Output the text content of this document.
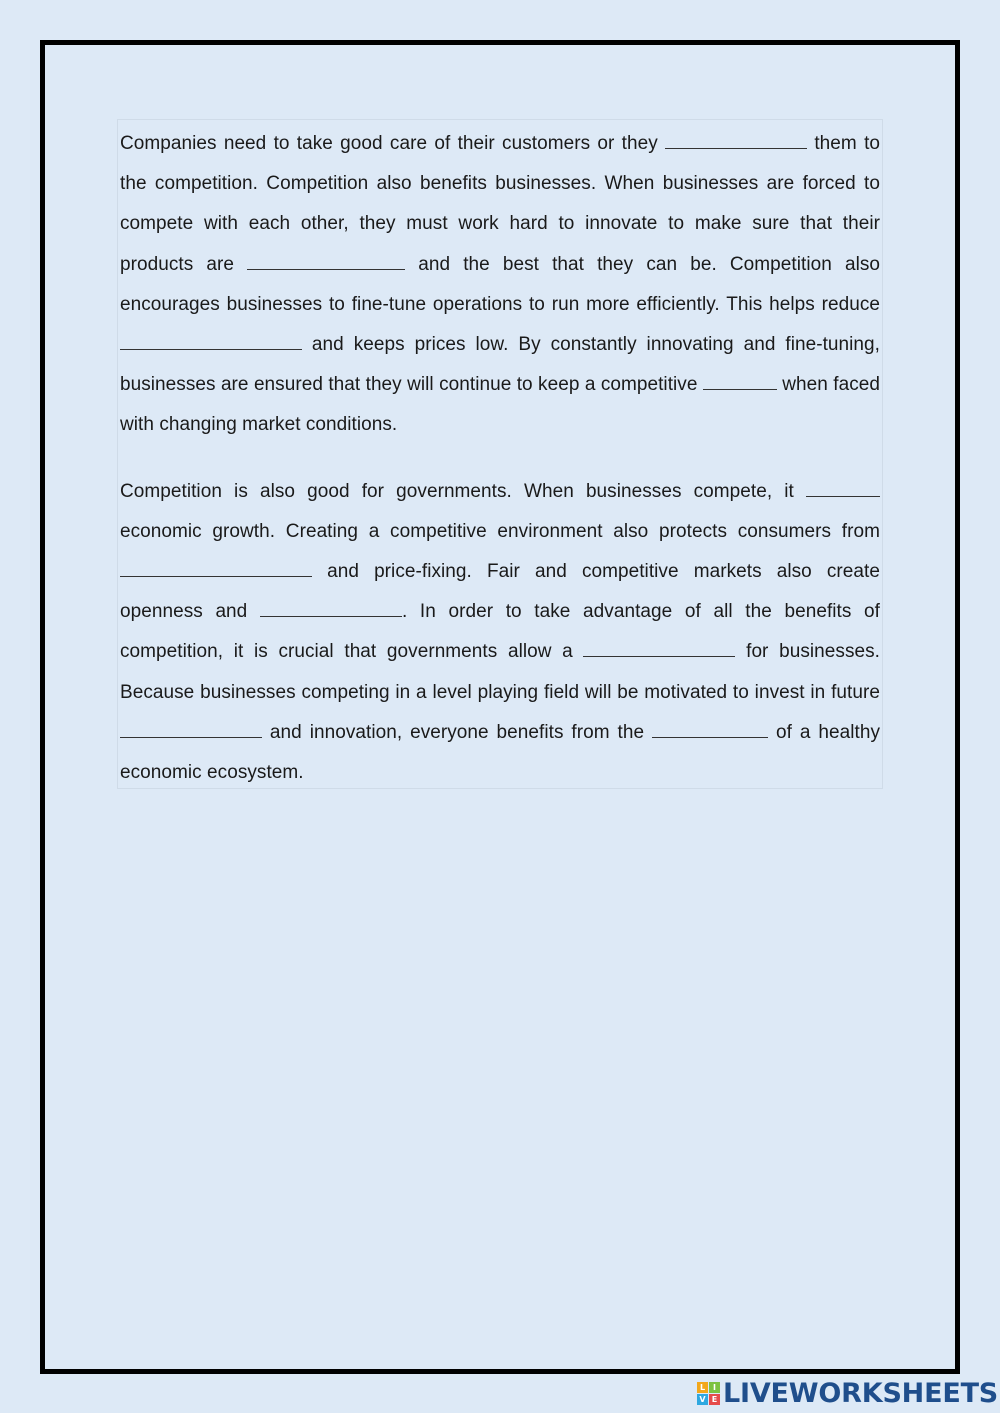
Companies need to take good care of their customers or they	them to the competition. Competition also benefits businesses. When businesses are forced to compete with each other, they must work hard to innovate to make sure that their products are	and the best that they can be. Competition also encourages businesses to fine-tune operations to run more efficiently. This helps reduce  and keeps prices low. By constantly innovating and fine-tuning, businesses are ensured that they will continue to keep a competitive	when faced with changing market conditions.

Competition is also good for governments. When businesses compete, it  economic growth. Creating a competitive environment also protects consumers from  and price-fixing. Fair and competitive markets also create openness and	. In order to take advantage of all the benefits of competition, it is crucial that governments allow a	for businesses. Because businesses competing in a level playing field will be motivated to invest in future  and innovation, everyone benefits from the	of a healthy economic ecosystem.

L I
V E LIVEWORKSHEETS
